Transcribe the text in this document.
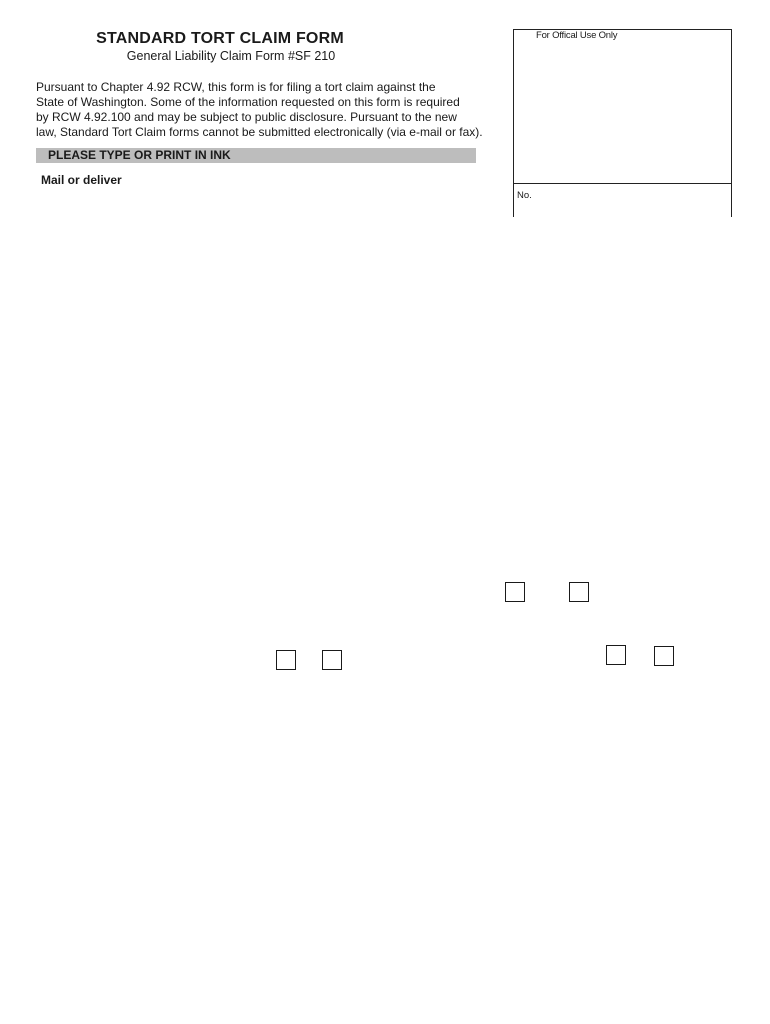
STANDARD TORT CLAIM FORM
General Liability Claim Form #SF 210
Pursuant to Chapter 4.92 RCW, this form is for filing a tort claim against the
State of Washington. Some of the information requested on this form is required
by RCW 4.92.100 and may be subject to public disclosure. Pursuant to the new
law, Standard Tort Claim forms cannot be submitted electronically (via e-mail or fax).
PLEASE TYPE OR PRINT IN INK
Mail or deliver
For Offical Use Only
No.
